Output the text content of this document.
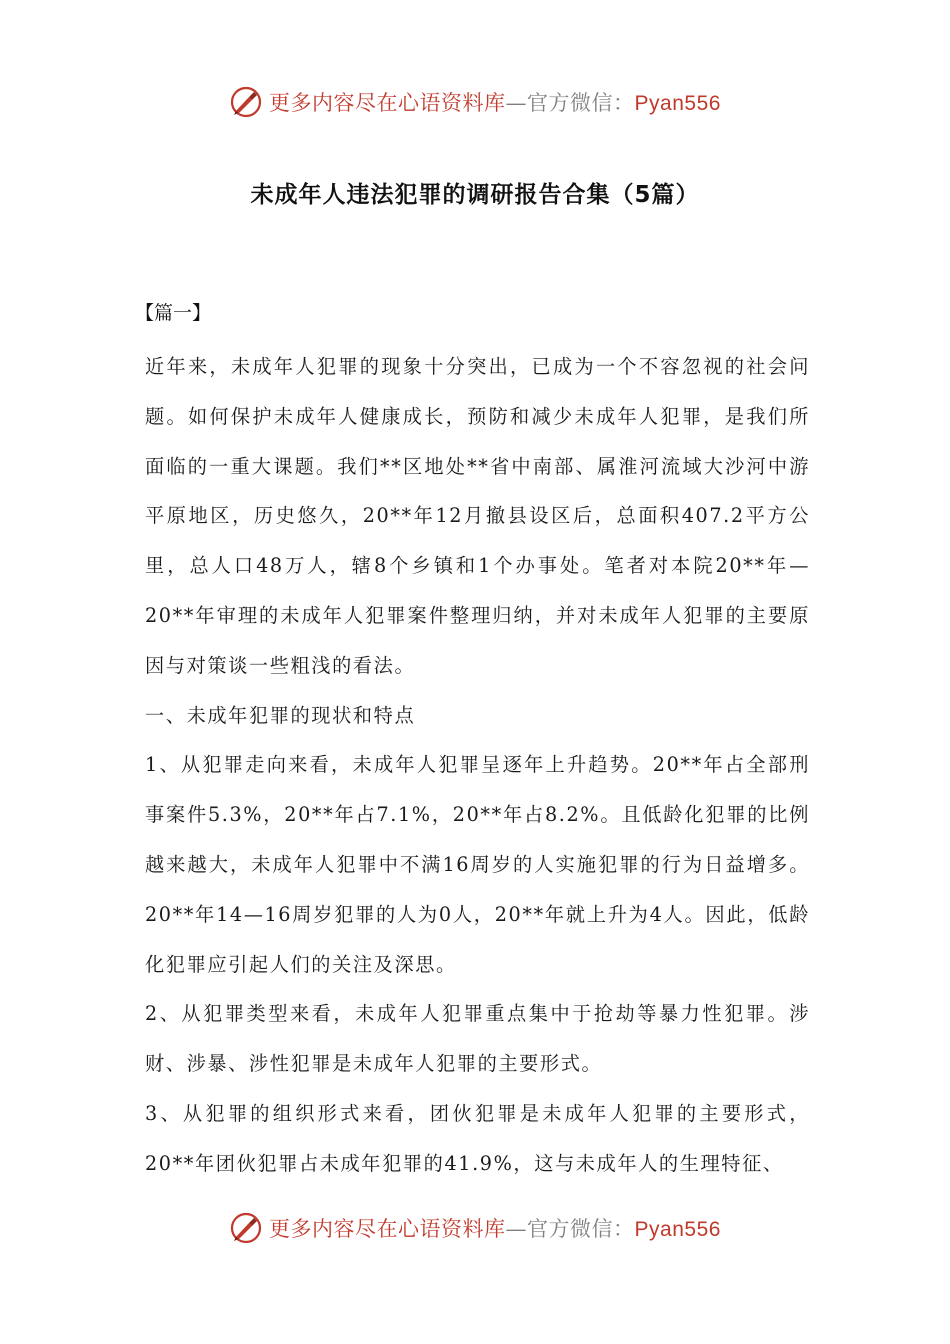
更多内容尽在心语资料库—官方微信：Pyan556
未成年人违法犯罪的调研报告合集（5篇）
【篇一】

近年来，未成年人犯罪的现象十分突出，已成为一个不容忽视的社会问题。如何保护未成年人健康成长，预防和减少未成年人犯罪，是我们所面临的一重大课题。我们**区地处**省中南部、属淮河流域大沙河中游平原地区，历史悠久，20**年12月撤县设区后，总面积407.2平方公里，总人口48万人，辖8个乡镇和1个办事处。笔者对本院20**年—20**年审理的未成年人犯罪案件整理归纳，并对未成年人犯罪的主要原因与对策谈一些粗浅的看法。

一、未成年犯罪的现状和特点

1、从犯罪走向来看，未成年人犯罪呈逐年上升趋势。20**年占全部刑事案件5.3%，20**年占7.1%，20**年占8.2%。且低龄化犯罪的比例越来越大，未成年人犯罪中不满16周岁的人实施犯罪的行为日益增多。20**年14—16周岁犯罪的人为0人，20**年就上升为4人。因此，低龄化犯罪应引起人们的关注及深思。

2、从犯罪类型来看，未成年人犯罪重点集中于抢劫等暴力性犯罪。涉财、涉暴、涉性犯罪是未成年人犯罪的主要形式。

3、从犯罪的组织形式来看，团伙犯罪是未成年人犯罪的主要形式，20**年团伙犯罪占未成年犯罪的41.9%，这与未成年人的生理特征、

更多内容尽在心语资料库—官方微信：Pyan556
